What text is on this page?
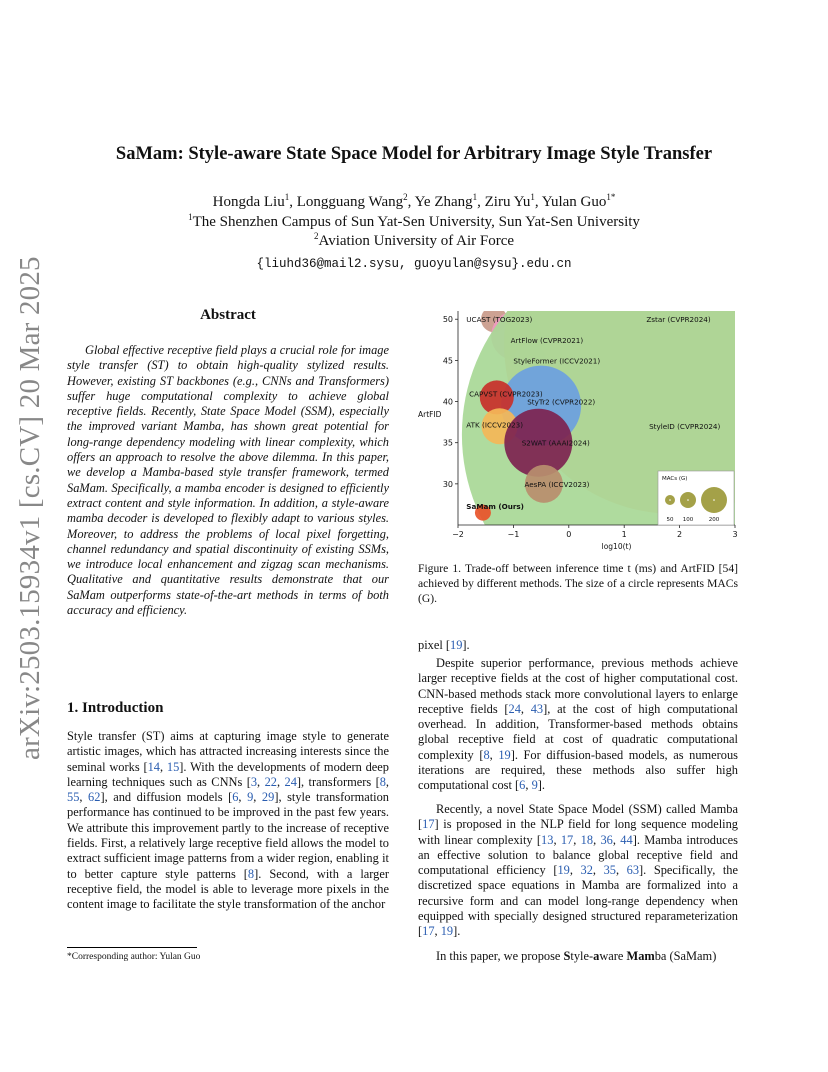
arXiv:2503.15934v1 [cs.CV] 20 Mar 2025
SaMam: Style-aware State Space Model for Arbitrary Image Style Transfer
Hongda Liu$^1$, Longguang Wang$^2$, Ye Zhang$^1$, Ziru Yu$^1$, Yulan Guo$^{1*}$
$^1$The Shenzhen Campus of Sun Yat-Sen University, Sun Yat-Sen University
$^2$Aviation University of Air Force
{liuhd36@mail2.sysu, guoyulan@sysu}.edu.cn
Abstract

Global effective receptive field plays a crucial role for image style transfer (ST) to obtain high-quality stylized results. However, existing ST backbones (e.g., CNNs and Transformers) suffer huge computational complexity to achieve global receptive fields. Recently, State Space Model (SSM), especially the improved variant Mamba, has shown great potential for long-range dependency modeling with linear complexity, which offers an approach to resolve the above dilemma. In this paper, we develop a Mamba-based style transfer framework, termed SaMam. Specifically, a mamba encoder is designed to efficiently extract content and style information. In addition, a style-aware mamba decoder is developed to flexibly adapt to various styles. Moreover, to address the problems of local pixel forgetting, channel redundancy and spatial discontinuity of existing SSMs, we introduce local enhancement and zigzag scan mechanisms. Qualitative and quantitative results demonstrate that our SaMam outperforms state-of-the-art methods in terms of both accuracy and efficiency.

1. Introduction

Style transfer (ST) aims at capturing image style to generate artistic images, which has attracted increasing interests since the seminal works [14, 15]. With the developments of modern deep learning techniques such as CNNs [3, 22, 24], transformers [8, 55, 62], and diffusion models [6, 9, 29], style transformation performance has continued to be improved in the past few years. We attribute this improvement partly to the increase of receptive fields. First, a relatively large receptive field allows the model to extract sufficient image patterns from a wider region, enabling it to better capture style patterns [8]. Second, with a larger receptive field, the model is able to leverage more pixels in the content image to facilitate the style transformation of the anchor

*Corresponding author: Yulan Guo
UCAST (TOG2023)
ArtFlow (CVPR2021)
StyleFormer (ICCV2021)
Zstar (CVPR2024)
StyleID (CVPR2024)
StyTr2 (CVPR2022)
CAPVST (CVPR2023)
ATK (ICCV2023)
S2WAT (AAAI2024)
AesPA (ICCV2023)
SaMam (Ours)
−2	−1	0	1	2	3
30
35
40
45
50
log10(t)
ArtFID
MACs (G)
50 100	200

Figure 1. Trade-off between inference time t (ms) and ArtFID [54] achieved by different methods. The size of a circle represents MACs (G).

pixel [19].

Despite superior performance, previous methods achieve larger receptive fields at the cost of higher computational cost. CNN-based methods stack more convolutional layers to enlarge receptive fields [24, 43], at the cost of high computational overhead. In addition, Transformer-based methods obtains global receptive field at cost of quadratic computational complexity [8, 19]. For diffusion-based models, as numerous iterations are required, these methods also suffer high computational cost [6, 9].

Recently, a novel State Space Model (SSM) called Mamba [17] is proposed in the NLP field for long sequence modeling with linear complexity [13, 17, 18, 36, 44]. Mamba introduces an effective solution to balance global receptive field and computational efficiency [19, 32, 35, 63]. Specifically, the discretized space equations in Mamba are formalized into a recursive form and can model long-range dependency when equipped with specially designed structured reparameterization [17, 19].

In this paper, we propose Style-aware Mamba (SaMam)
